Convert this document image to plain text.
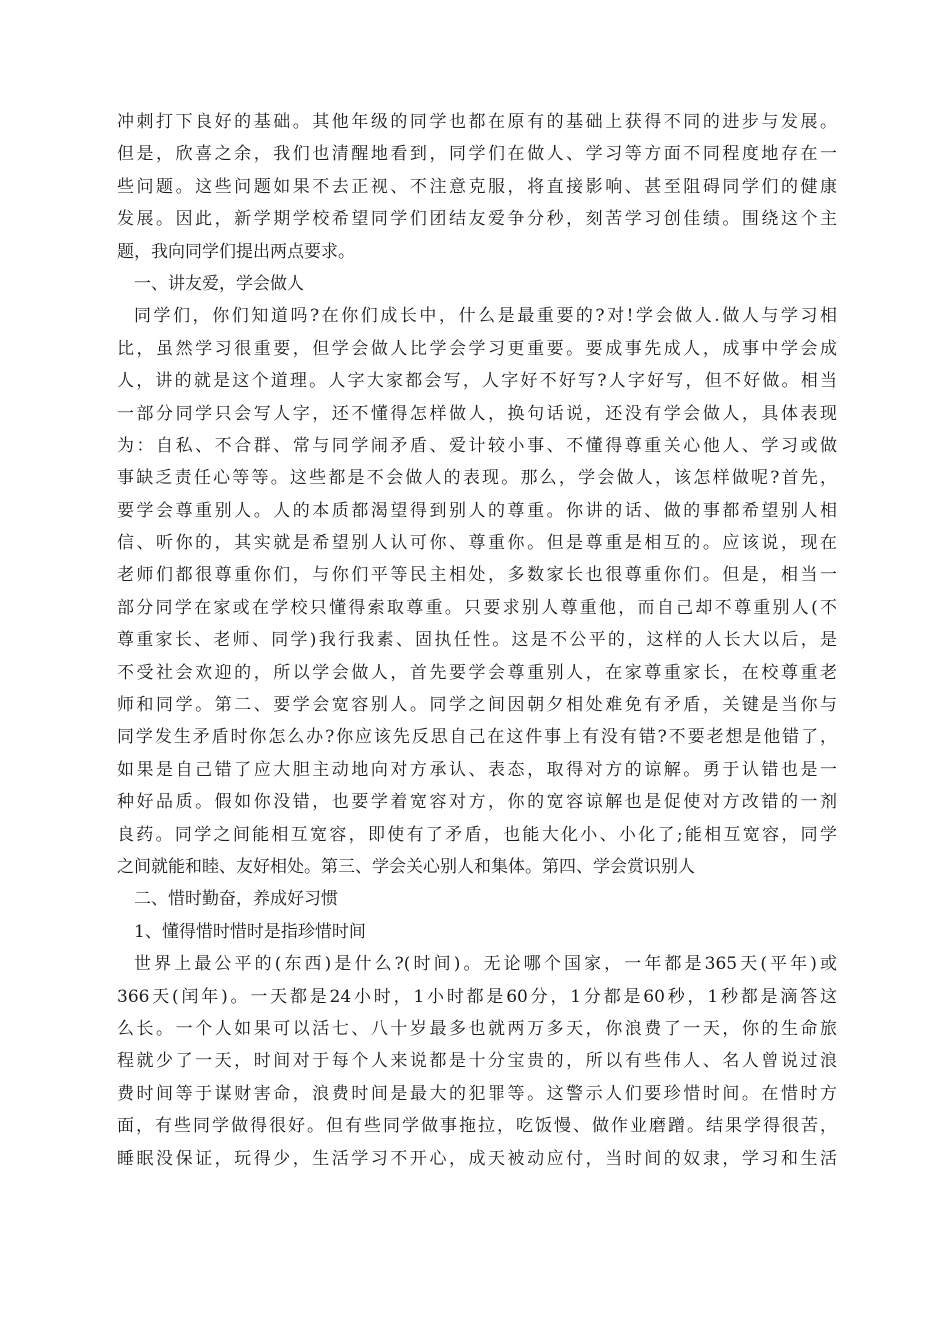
冲刺打下良好的基础。其他年级的同学也都在原有的基础上获得不同的进步与发展。
但是，欣喜之余，我们也清醒地看到，同学们在做人、学习等方面不同程度地存在一
些问题。这些问题如果不去正视、不注意克服，将直接影响、甚至阻碍同学们的健康
发展。因此，新学期学校希望同学们团结友爱争分秒，刻苦学习创佳绩。围绕这个主
题，我向同学们提出两点要求。
一、讲友爱，学会做人
同学们，你们知道吗?在你们成长中，什么是最重要的?对!学会做人.做人与学习相
比，虽然学习很重要，但学会做人比学会学习更重要。要成事先成人，成事中学会成
人，讲的就是这个道理。人字大家都会写，人字好不好写?人字好写，但不好做。相当
一部分同学只会写人字，还不懂得怎样做人，换句话说，还没有学会做人，具体表现
为：自私、不合群、常与同学闹矛盾、爱计较小事、不懂得尊重关心他人、学习或做
事缺乏责任心等等。这些都是不会做人的表现。那么，学会做人，该怎样做呢?首先，
要学会尊重别人。人的本质都渴望得到别人的尊重。你讲的话、做的事都希望别人相
信、听你的，其实就是希望别人认可你、尊重你。但是尊重是相互的。应该说，现在
老师们都很尊重你们，与你们平等民主相处，多数家长也很尊重你们。但是，相当一
部分同学在家或在学校只懂得索取尊重。只要求别人尊重他，而自己却不尊重别人(不
尊重家长、老师、同学)我行我素、固执任性。这是不公平的，这样的人长大以后，是
不受社会欢迎的，所以学会做人，首先要学会尊重别人，在家尊重家长，在校尊重老
师和同学。第二、要学会宽容别人。同学之间因朝夕相处难免有矛盾，关键是当你与
同学发生矛盾时你怎么办?你应该先反思自己在这件事上有没有错?不要老想是他错了，
如果是自己错了应大胆主动地向对方承认、表态，取得对方的谅解。勇于认错也是一
种好品质。假如你没错，也要学着宽容对方，你的宽容谅解也是促使对方改错的一剂
良药。同学之间能相互宽容，即使有了矛盾，也能大化小、小化了;能相互宽容，同学
之间就能和睦、友好相处。第三、学会关心别人和集体。第四、学会赏识别人
二、惜时勤奋，养成好习惯
1、懂得惜时惜时是指珍惜时间
世界上最公平的(东西)是什么?(时间)。无论哪个国家，一年都是365天(平年)或
366天(闰年)。一天都是24小时，1小时都是60分，1分都是60秒，1秒都是滴答这
么长。一个人如果可以活七、八十岁最多也就两万多天，你浪费了一天，你的生命旅
程就少了一天，时间对于每个人来说都是十分宝贵的，所以有些伟人、名人曾说过浪
费时间等于谋财害命，浪费时间是最大的犯罪等。这警示人们要珍惜时间。在惜时方
面，有些同学做得很好。但有些同学做事拖拉，吃饭慢、做作业磨蹭。结果学得很苦，
睡眠没保证，玩得少，生活学习不开心，成天被动应付，当时间的奴隶，学习和生活
